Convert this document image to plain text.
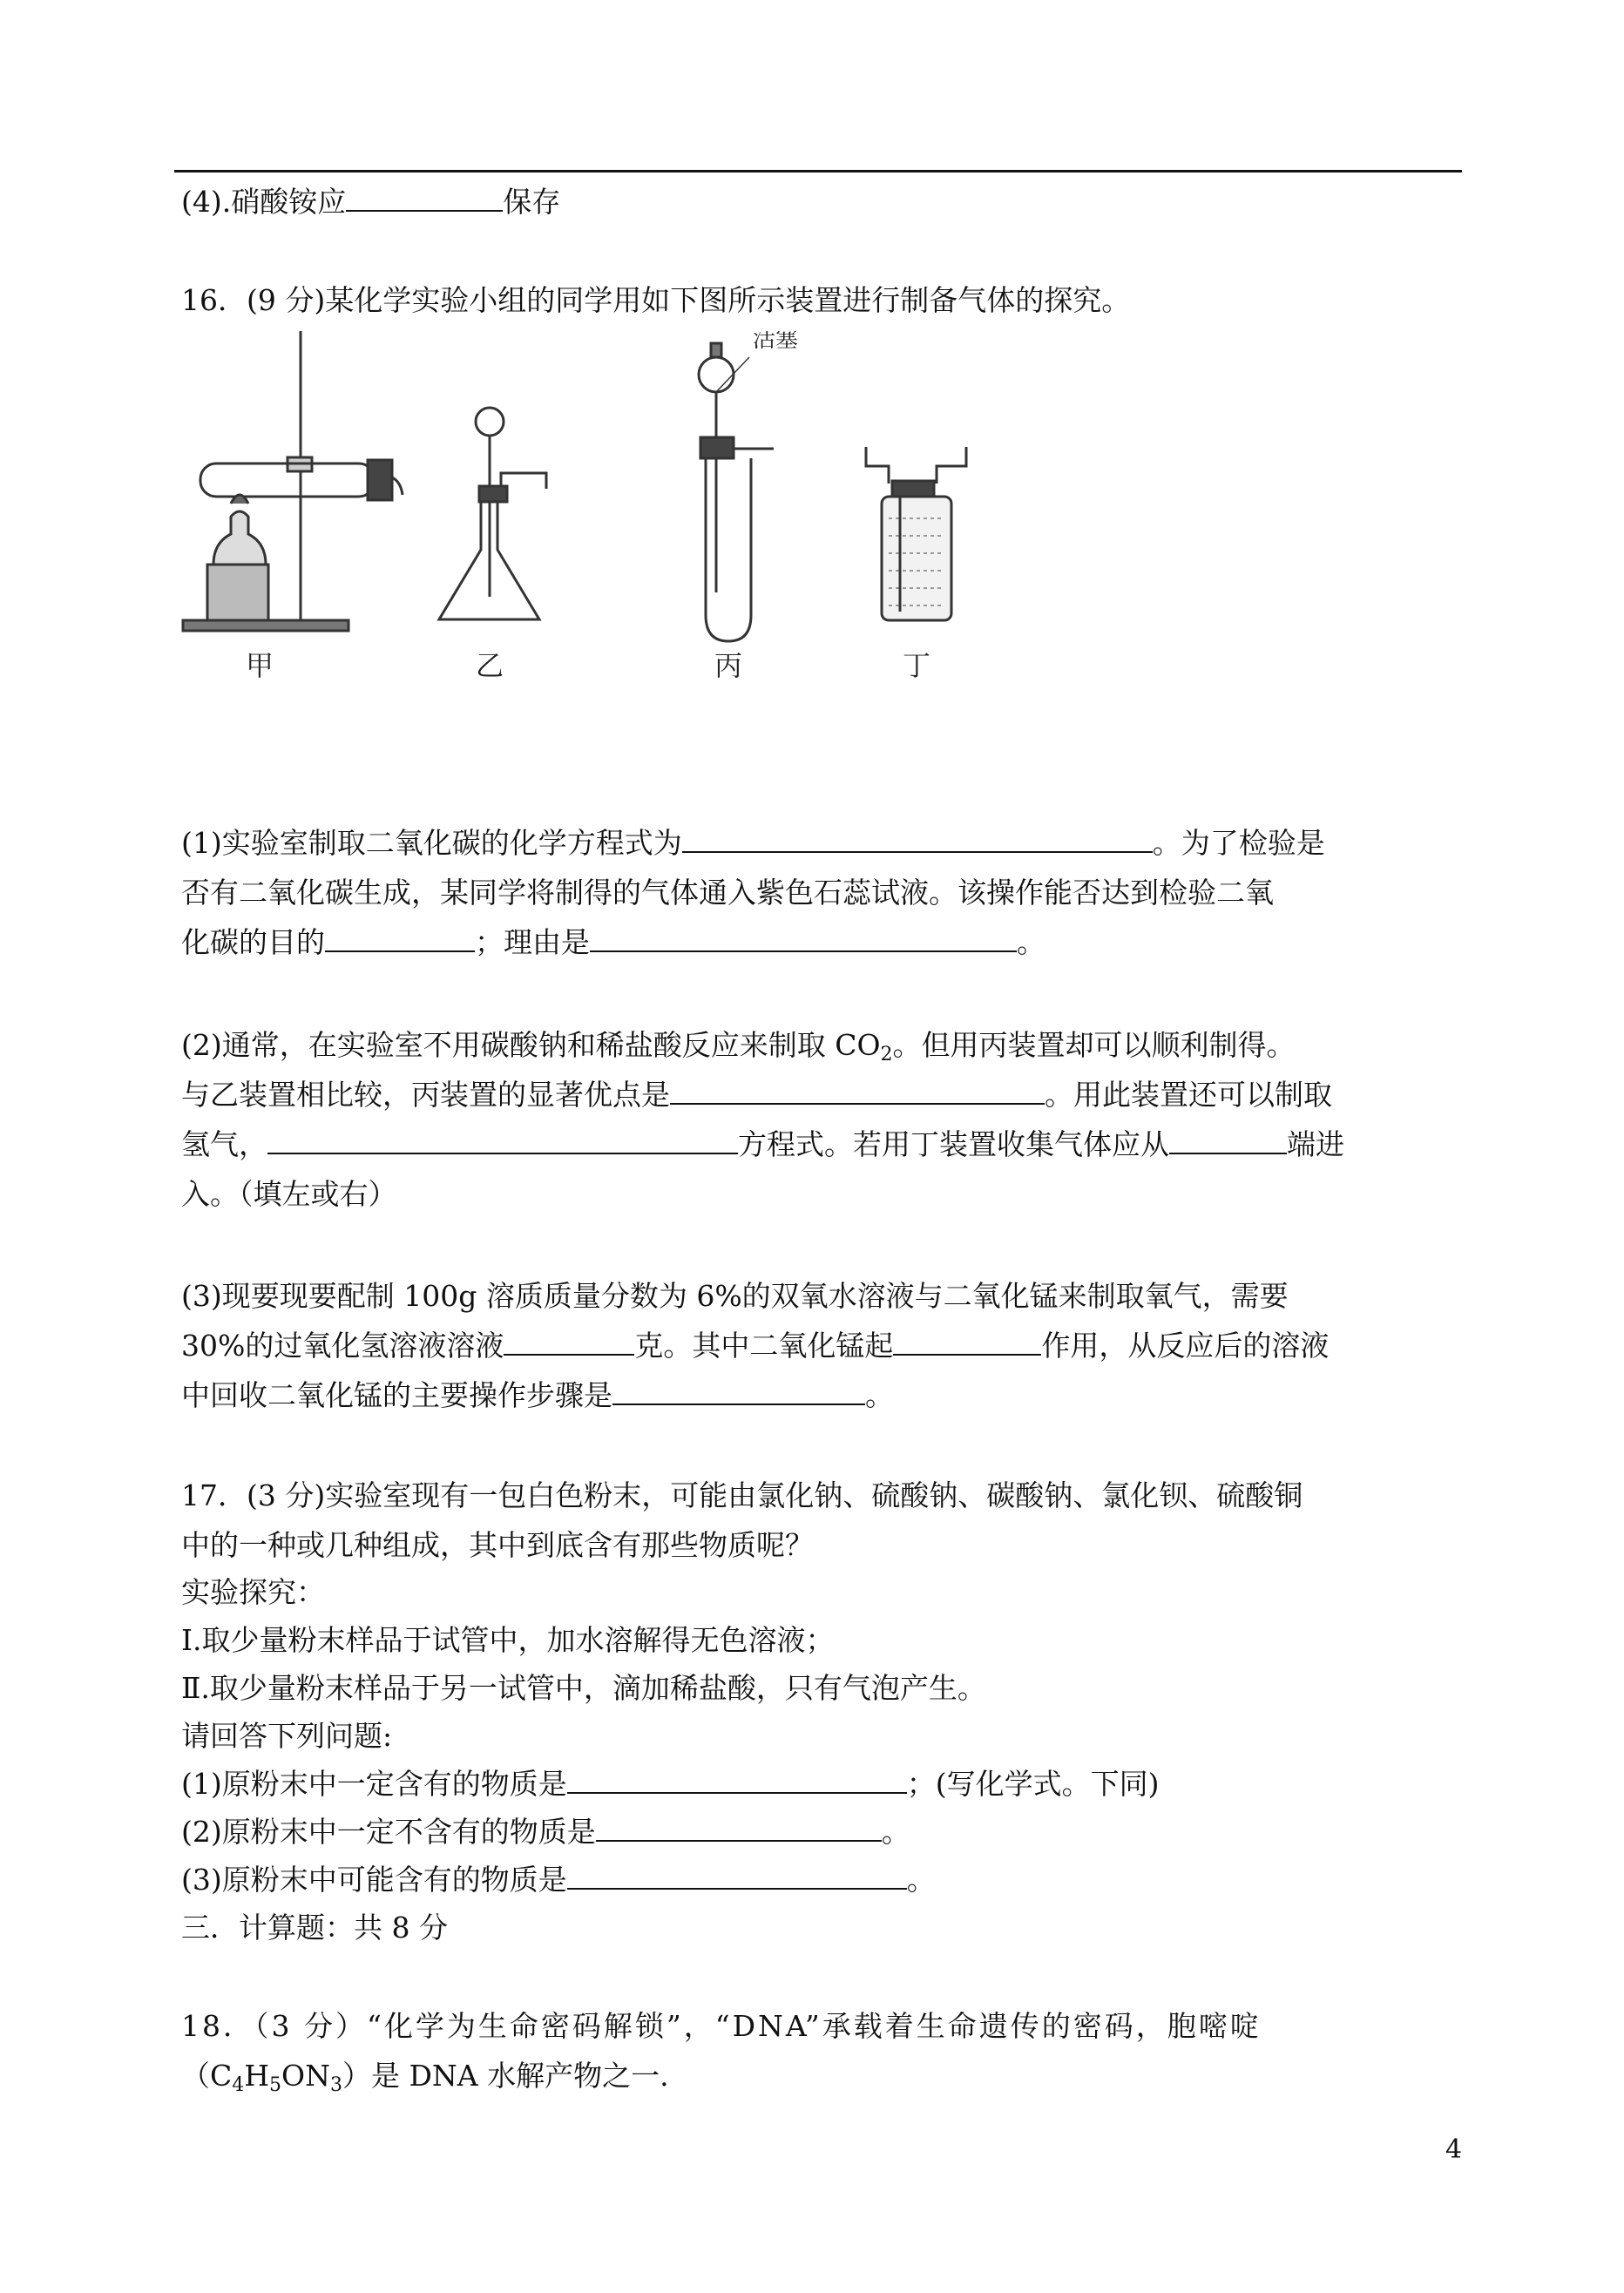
(4).硝酸铵应	保存
16．(9 分)某化学实验小组的同学用如下图所示装置进行制备气体的探究。
活塞
甲	乙	丙	丁
(1)实验室制取二氧化碳的化学方程式为	。为了检验是
否有二氧化碳生成，某同学将制得的气体通入紫色石蕊试液。该操作能否达到检验二氧
化碳的目的	；理由是	。
(2)通常，在实验室不用碳酸钠和稀盐酸反应来制取 $CO_2$。但用丙装置却可以顺利制得。
与乙装置相比较，丙装置的显著优点是	。用此装置还可以制取
氢气，	方程式。若用丁装置收集气体应从	端进
入。（填左或右）
(3)现要现要配制 100g 溶质质量分数为 6%的双氧水溶液与二氧化锰来制取氧气，需要
30%的过氧化氢溶液溶液	克。其中二氧化锰起	作用，从反应后的溶液
中回收二氧化锰的主要操作步骤是	。
17．(3 分)实验室现有一包白色粉末，可能由氯化钠、硫酸钠、碳酸钠、氯化钡、硫酸铜
中的一种或几种组成，其中到底含有那些物质呢？
实验探究：
Ⅰ.取少量粉末样品于试管中，加水溶解得无色溶液；
Ⅱ.取少量粉末样品于另一试管中，滴加稀盐酸，只有气泡产生。
请回答下列问题:
(1)原粉末中一定含有的物质是	；(写化学式。下同)
(2)原粉末中一定不含有的物质是	。
(3)原粉末中可能含有的物质是	。
三．计算题：共 8 分
18．（3 分）“化学为生命密码解锁”，“DNA”承载着生命遗传的密码，胞嘧啶
$(C_4H_5ON_3)$是 DNA 水解产物之一.
4
